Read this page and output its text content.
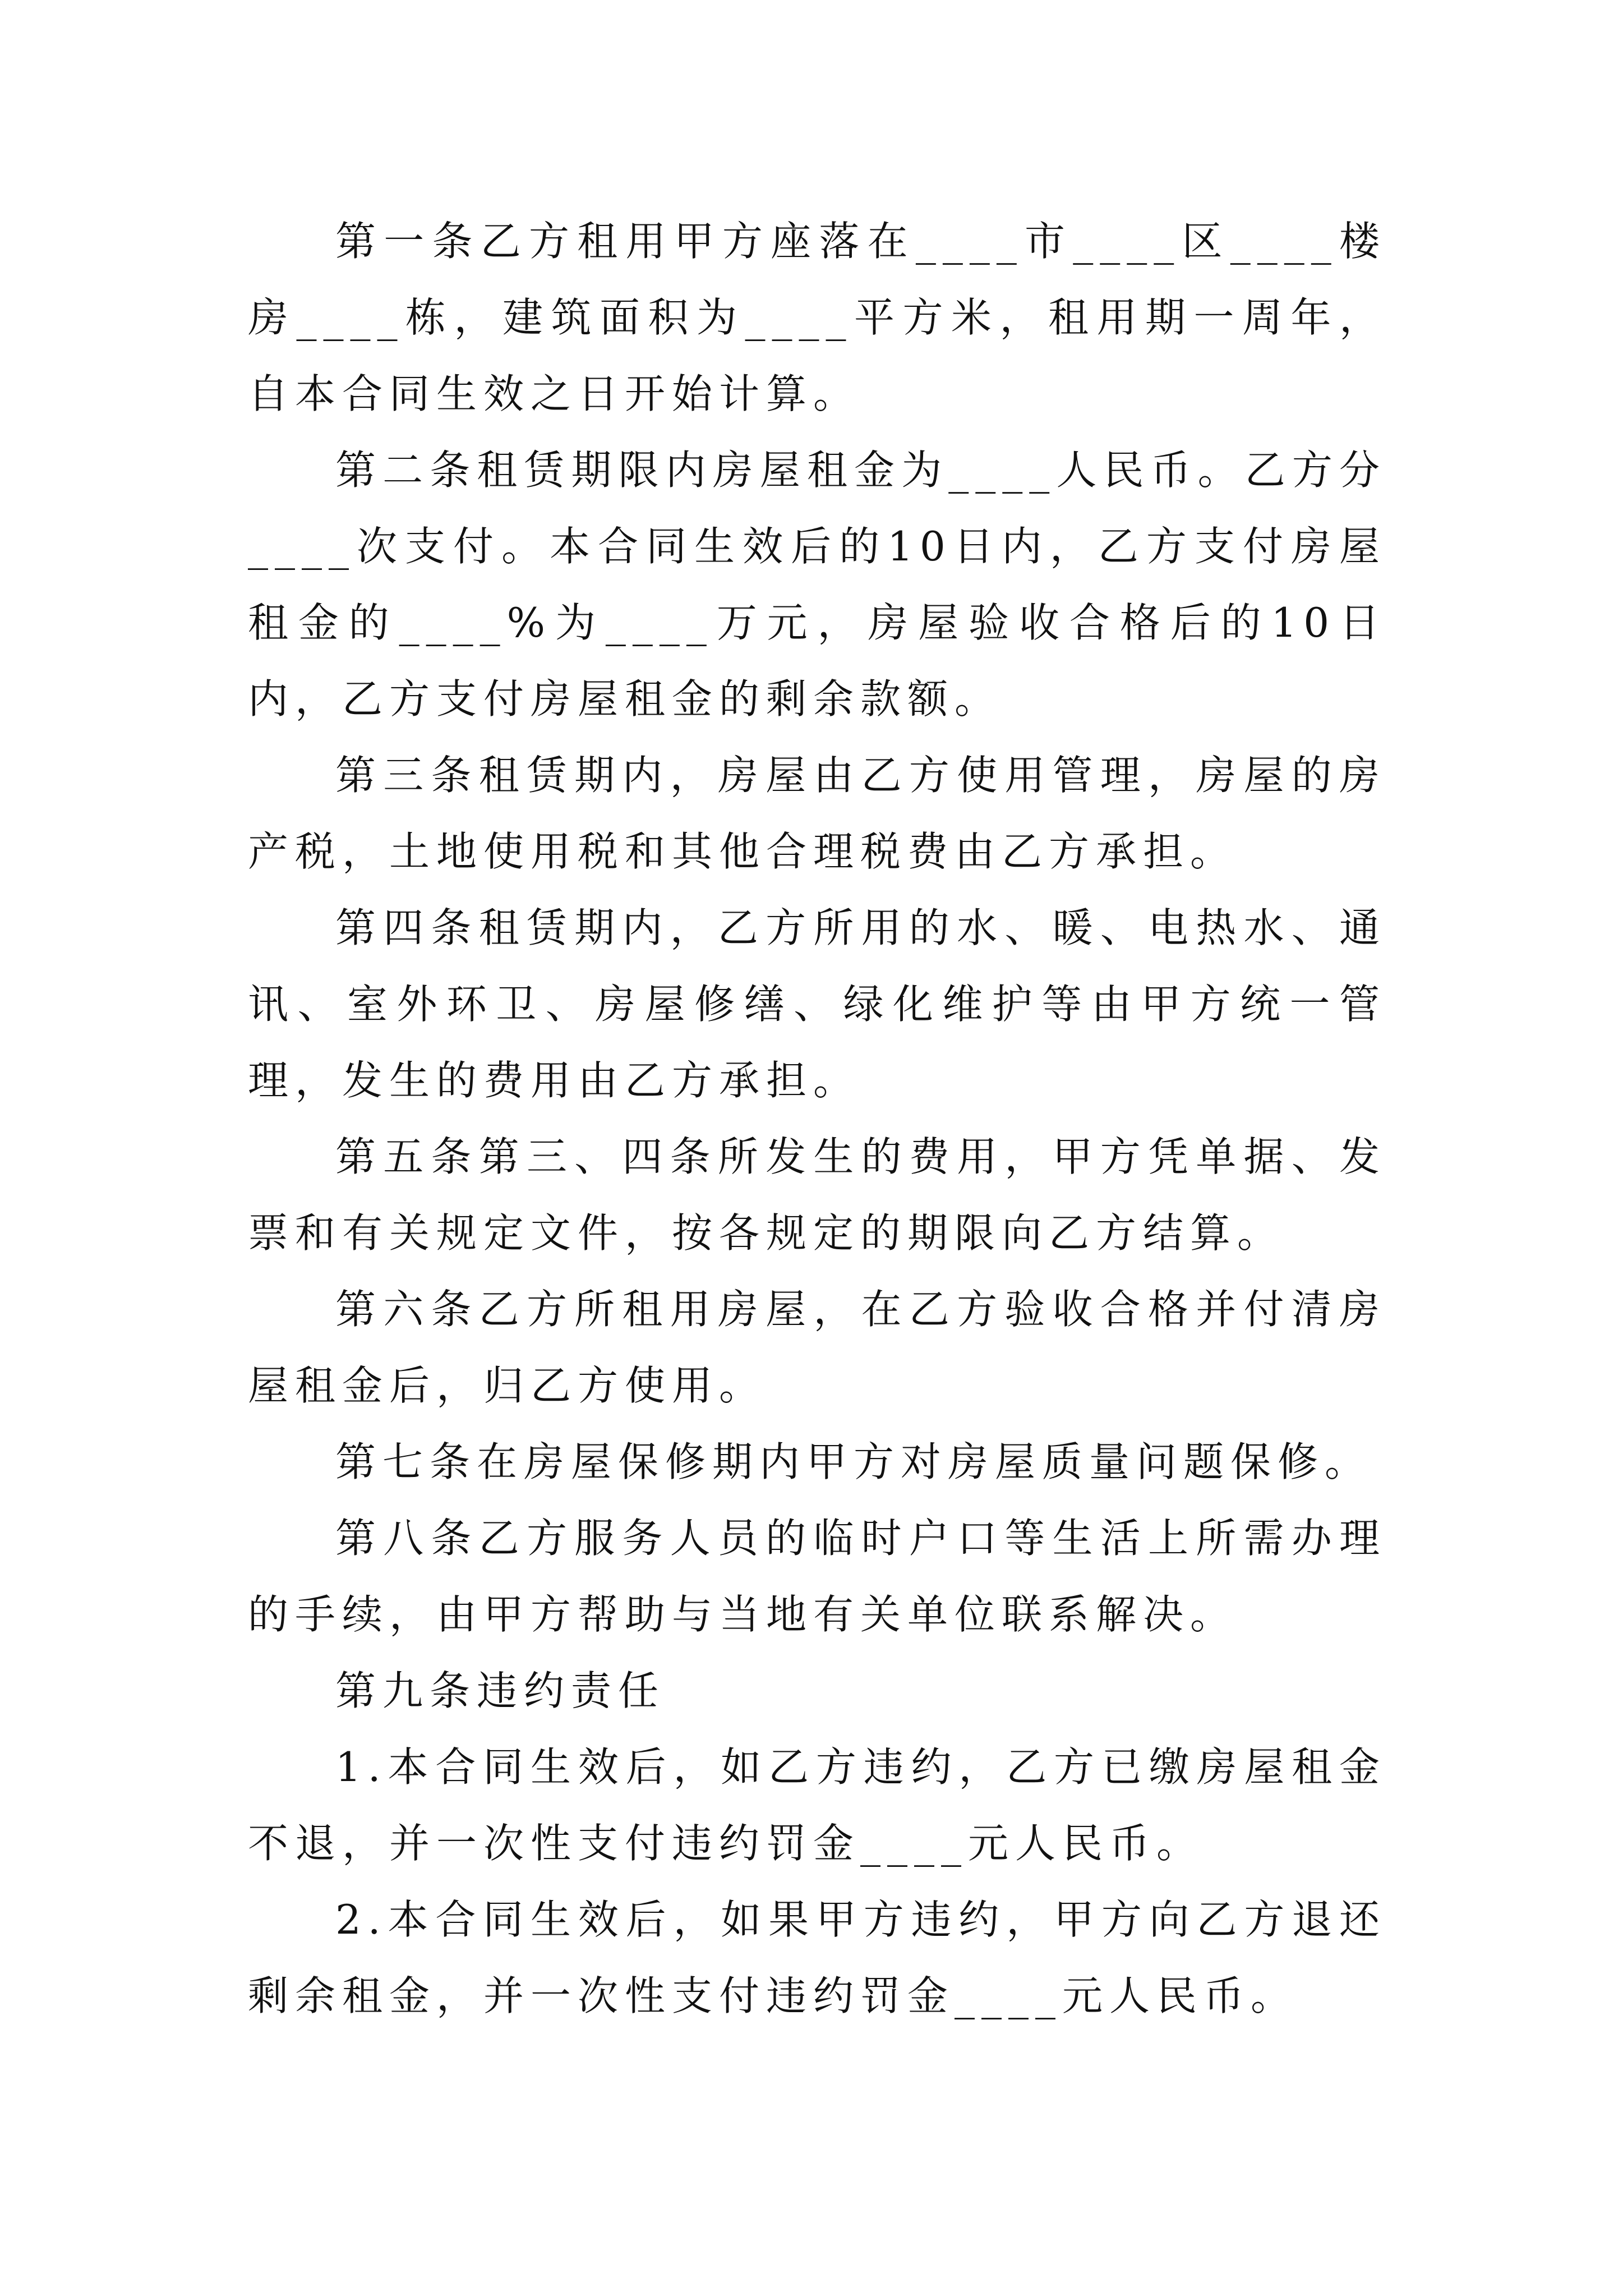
第一条乙方租用甲方座落在____市____区____楼房____栋，建筑面积为____平方米，租用期一周年，自本合同生效之日开始计算。

第二条租赁期限内房屋租金为____人民币。乙方分____次支付。本合同生效后的10日内，乙方支付房屋租金的____%为____万元，房屋验收合格后的10日内，乙方支付房屋租金的剩余款额。

第三条租赁期内，房屋由乙方使用管理，房屋的房产税，土地使用税和其他合理税费由乙方承担。

第四条租赁期内，乙方所用的水、暖、电热水、通讯、室外环卫、房屋修缮、绿化维护等由甲方统一管理，发生的费用由乙方承担。

第五条第三、四条所发生的费用，甲方凭单据、发票和有关规定文件，按各规定的期限向乙方结算。

第六条乙方所租用房屋，在乙方验收合格并付清房屋租金后，归乙方使用。

第七条在房屋保修期内甲方对房屋质量问题保修。

第八条乙方服务人员的临时户口等生活上所需办理的手续，由甲方帮助与当地有关单位联系解决。

第九条违约责任

1.本合同生效后，如乙方违约，乙方已缴房屋租金不退，并一次性支付违约罚金____元人民币。

2.本合同生效后，如果甲方违约，甲方向乙方退还剩余租金，并一次性支付违约罚金____元人民币。
